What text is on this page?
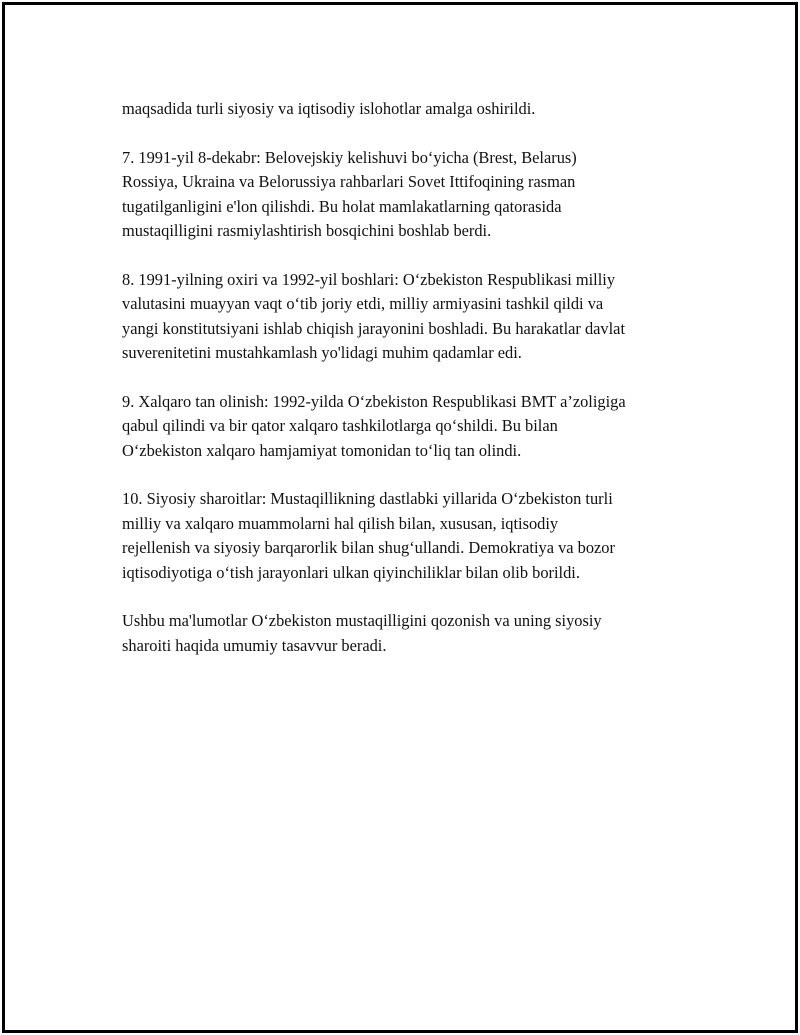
maqsadida turli siyosiy va iqtisodiy islohotlar amalga oshirildi.

7. 1991-yil 8-dekabr: Belovejskiy kelishuvi bo‘yicha (Brest, Belarus)
Rossiya, Ukraina va Belorussiya rahbarlari Sovet Ittifoqining rasman
tugatilganligini e'lon qilishdi. Bu holat mamlakatlarning qatorasida
mustaqilligini rasmiylashtirish bosqichini boshlab berdi.

8. 1991-yilning oxiri va 1992-yil boshlari: O‘zbekiston Respublikasi milliy
valutasini muayyan vaqt o‘tib joriy etdi, milliy armiyasini tashkil qildi va
yangi konstitutsiyani ishlab chiqish jarayonini boshladi. Bu harakatlar davlat
suverenitetini mustahkamlash yo'lidagi muhim qadamlar edi.

9. Xalqaro tan olinish: 1992-yilda O‘zbekiston Respublikasi BMT a’zoligiga
qabul qilindi va bir qator xalqaro tashkilotlarga qo‘shildi. Bu bilan
O‘zbekiston xalqaro hamjamiyat tomonidan to‘liq tan olindi.

10. Siyosiy sharoitlar: Mustaqillikning dastlabki yillarida O‘zbekiston turli
milliy va xalqaro muammolarni hal qilish bilan, xususan, iqtisodiy
rejellenish va siyosiy barqarorlik bilan shug‘ullandi. Demokratiya va bozor
iqtisodiyotiga o‘tish jarayonlari ulkan qiyinchiliklar bilan olib borildi.

Ushbu ma'lumotlar O‘zbekiston mustaqilligini qozonish va uning siyosiy
sharoiti haqida umumiy tasavvur beradi.
